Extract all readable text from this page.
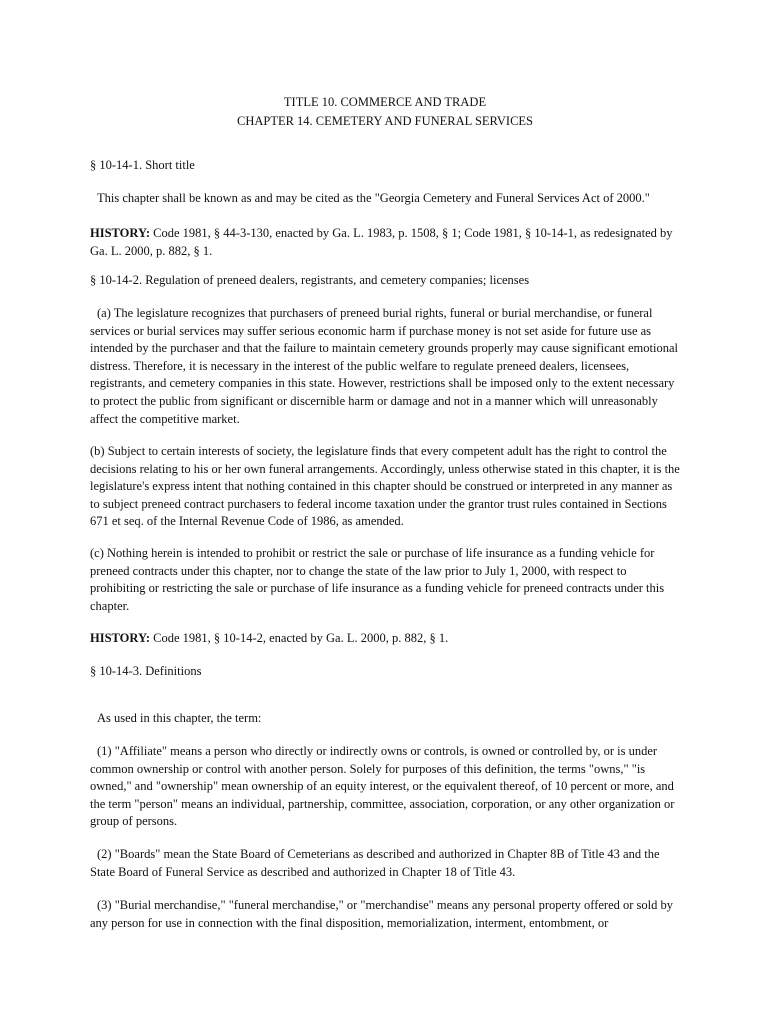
TITLE 10. COMMERCE AND TRADE
CHAPTER 14. CEMETERY AND FUNERAL SERVICES
§ 10-14-1. Short title
This chapter shall be known as and may be cited as the "Georgia Cemetery and Funeral Services Act of 2000."
HISTORY: Code 1981, § 44-3-130, enacted by Ga. L. 1983, p. 1508, § 1; Code 1981, § 10-14-1, as redesignated by Ga. L. 2000, p. 882, § 1.
§ 10-14-2. Regulation of preneed dealers, registrants, and cemetery companies; licenses
(a) The legislature recognizes that purchasers of preneed burial rights, funeral or burial merchandise, or funeral services or burial services may suffer serious economic harm if purchase money is not set aside for future use as intended by the purchaser and that the failure to maintain cemetery grounds properly may cause significant emotional distress. Therefore, it is necessary in the interest of the public welfare to regulate preneed dealers, licensees, registrants, and cemetery companies in this state. However, restrictions shall be imposed only to the extent necessary to protect the public from significant or discernible harm or damage and not in a manner which will unreasonably affect the competitive market.
(b) Subject to certain interests of society, the legislature finds that every competent adult has the right to control the decisions relating to his or her own funeral arrangements. Accordingly, unless otherwise stated in this chapter, it is the legislature's express intent that nothing contained in this chapter should be construed or interpreted in any manner as to subject preneed contract purchasers to federal income taxation under the grantor trust rules contained in Sections 671 et seq. of the Internal Revenue Code of 1986, as amended.
(c) Nothing herein is intended to prohibit or restrict the sale or purchase of life insurance as a funding vehicle for preneed contracts under this chapter, nor to change the state of the law prior to July 1, 2000, with respect to prohibiting or restricting the sale or purchase of life insurance as a funding vehicle for preneed contracts under this chapter.
HISTORY: Code 1981, § 10-14-2, enacted by Ga. L. 2000, p. 882, § 1.
§ 10-14-3. Definitions
As used in this chapter, the term:
(1) "Affiliate" means a person who directly or indirectly owns or controls, is owned or controlled by, or is under common ownership or control with another person. Solely for purposes of this definition, the terms "owns," "is owned," and "ownership" mean ownership of an equity interest, or the equivalent thereof, of 10 percent or more, and the term "person" means an individual, partnership, committee, association, corporation, or any other organization or group of persons.
(2) "Boards" mean the State Board of Cemeterians as described and authorized in Chapter 8B of Title 43 and the State Board of Funeral Service as described and authorized in Chapter 18 of Title 43.
(3) "Burial merchandise," "funeral merchandise," or "merchandise" means any personal property offered or sold by any person for use in connection with the final disposition, memorialization, interment, entombment, or
